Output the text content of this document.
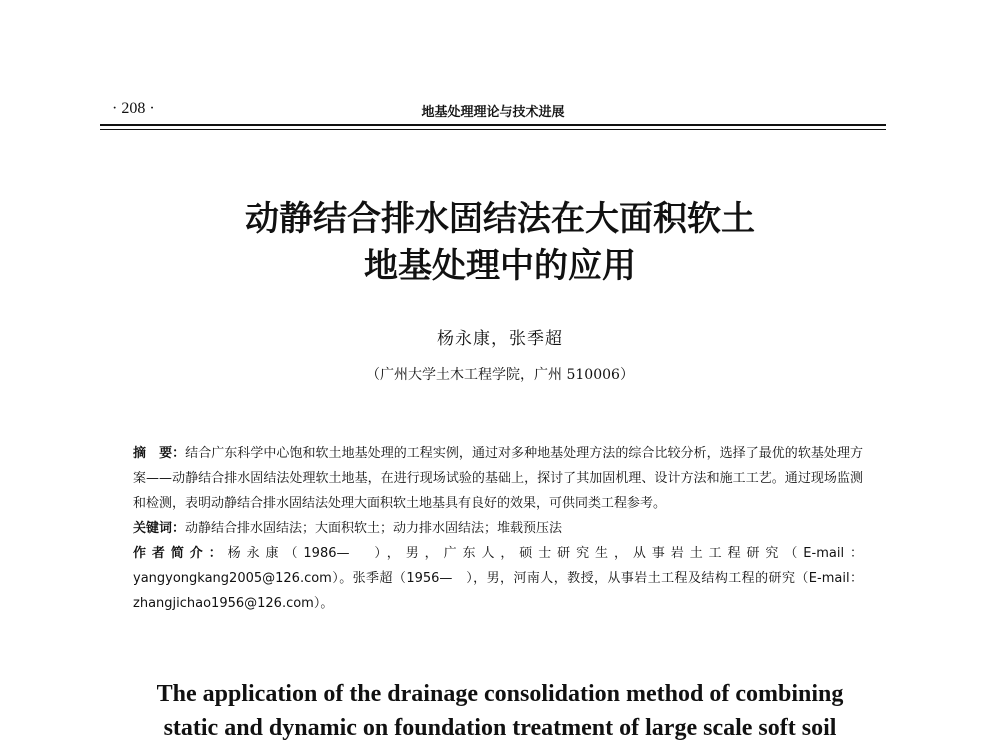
· 208 ·	地基处理理论与技术进展
动静结合排水固结法在大面积软土
地基处理中的应用
杨永康，张季超
（广州大学土木工程学院，广州 510006）

摘　要：结合广东科学中心饱和软土地基处理的工程实例，通过对多种地基处理方法的综合比较分析，选择了最优的软基处理方案——动静结合排水固结法处理软土地基，在进行现场试验的基础上，探讨了其加固机理、设计方法和施工工艺。通过现场监测和检测，表明动静结合排水固结法处理大面积软土地基具有良好的效果，可供同类工程参考。

关键词：动静结合排水固结法；大面积软土；动力排水固结法；堆载预压法

作者简介：杨永康（1986—　），男，广东人，硕士研究生，从事岩土工程研究（E-mail：yangyongkang2005@126.com）。张季超（1956—　），男，河南人，教授，从事岩土工程及结构工程的研究（E-mail：zhangjichao1956@126.com）。

The application of the drainage consolidation method of combining
static and dynamic on foundation treatment of large scale soft soil
